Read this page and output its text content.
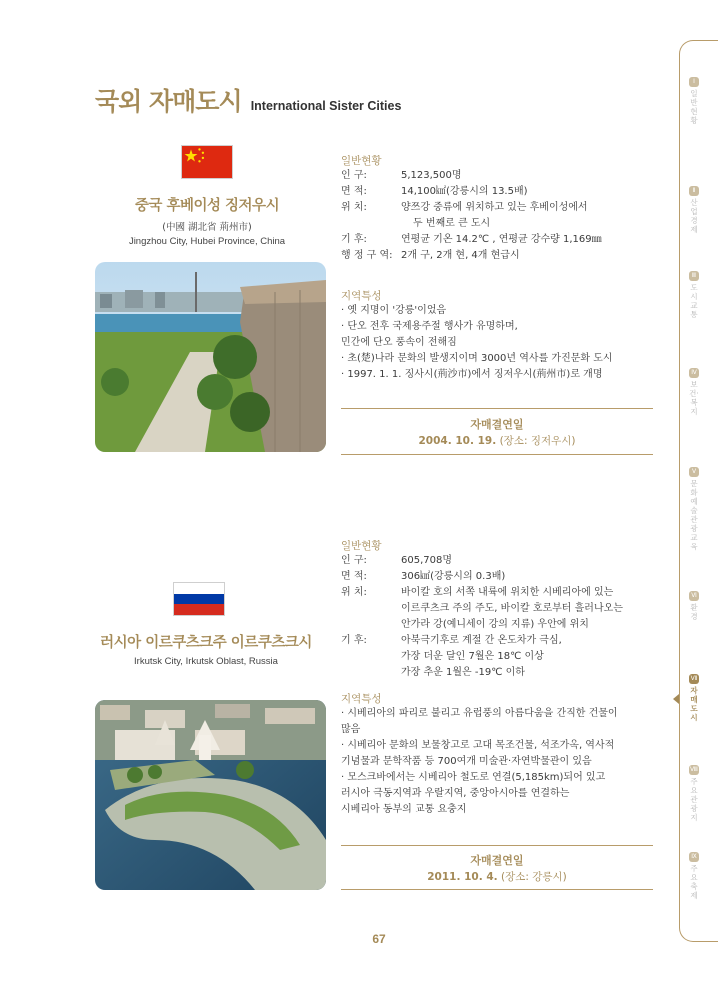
국외 자매도시 International Sister Cities
중국 후베이성 징저우시
(中國 湖北省 荊州市)
Jingzhou City, Hubei Province, China
일반현황
인 구:	5,123,500명
면 적:	14,100㎢(강릉시의 13.5배)
위 치:	양쯔강 중류에 위치하고 있는 후베이성에서
두 번째로 큰 도시
기 후:	연평균 기온 14.2℃ , 연평균 강수량 1,169㎜
행 정 구 역: 2개 구, 2개 현, 4개 현급시
지역특성
· 옛 지명이 '강릉'이었음
· 단오 전후 국제용주절 행사가 유명하며,
민간에 단오 풍속이 전해짐
· 초(楚)나라 문화의 발생지이며 3000년 역사를 가진문화 도시
· 1997. 1. 1. 징사시(荊沙市)에서 징저우시(荊州市)로 개명
자매결연일
2004. 10. 19. (장소: 징저우시)
러시아 이르쿠츠크주 이르쿠츠크시
Irkutsk City, Irkutsk Oblast, Russia
일반현황
인 구:	605,708명
면 적:	306㎢(강릉시의 0.3배)
위 치:	바이칼 호의 서쪽 내륙에 위치한 시베리아에 있는
이르쿠츠크 주의 주도, 바이칼 호로부터 흘러나오는
안가라 강(예니세이 강의 지류) 우안에 위치
기 후:	아북극기후로 계절 간 온도차가 극심,
가장 더운 달인 7월은 18℃ 이상
가장 추운 1월은 -19℃ 이하
지역특성
· 시베리아의 파리로 불리고 유럽풍의 아름다움을 간직한 건물이
많음
· 시베리아 문화의 보물창고로 고대 목조건물, 석조가옥, 역사적
기념물과 문학작품 등 700여개 미술관·자연박물관이 있음
· 모스크바에서는 시베리아 철도로 연결(5,185km)되어 있고
러시아 극동지역과 우랄지역, 중앙아시아를 연결하는
시베리아 동부의 교통 요충지
자매결연일
2011. 10. 4. (장소: 강릉시)
67
Ⅰ
일반현황
Ⅱ
산업경제
Ⅲ
도시교통
Ⅳ
보건·복지
Ⅴ
문화예술관광교육
Ⅵ
환경
Ⅶ
자매도시
Ⅷ
주요관광지
Ⅸ
주요축제
